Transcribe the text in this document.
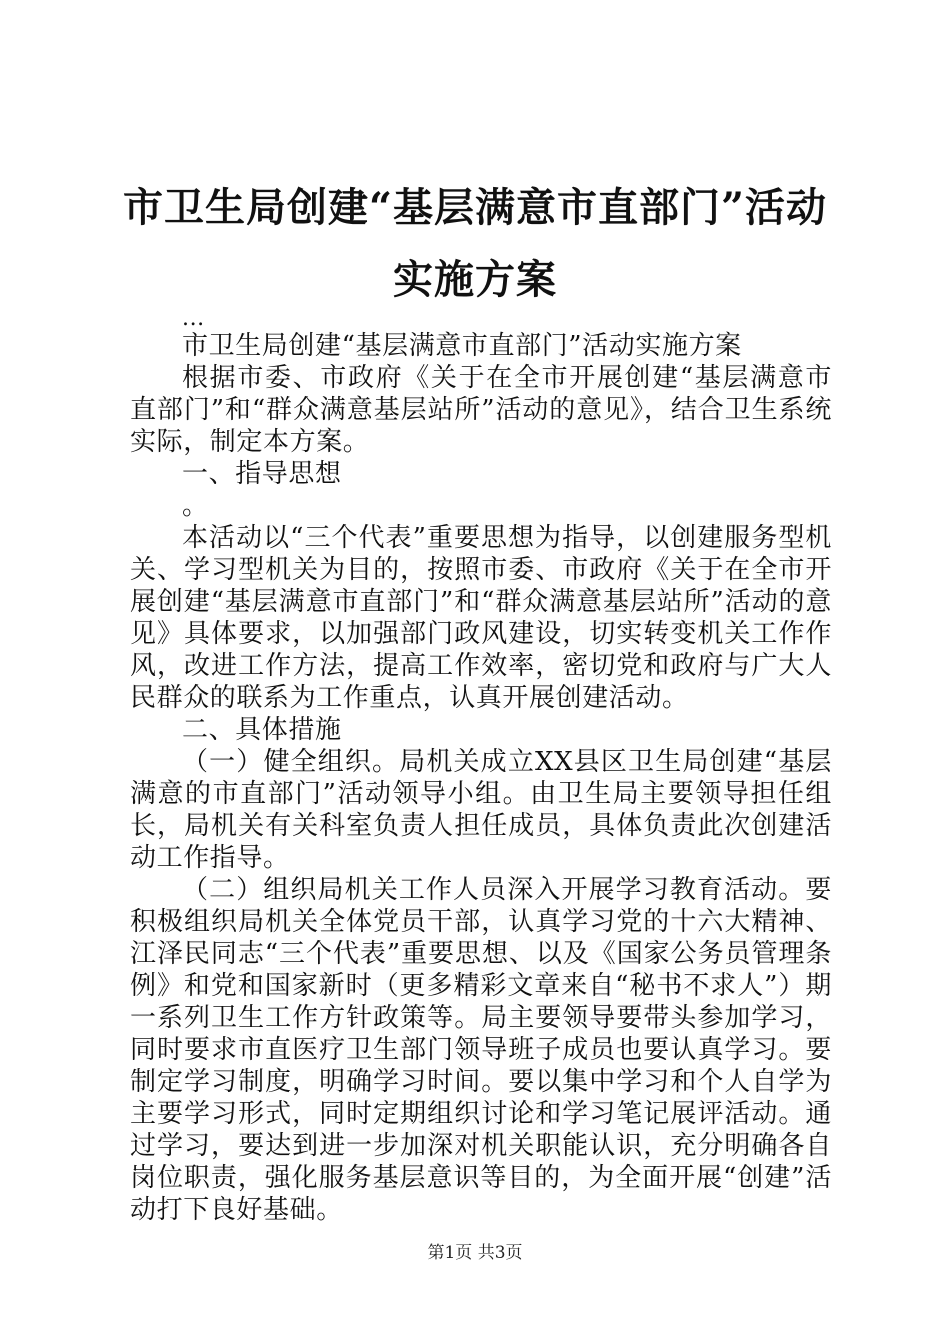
市卫生局创建“基层满意市直部门”活动实施方案

...

市卫生局创建“基层满意市直部门”活动实施方案

根据市委、市政府《关于在全市开展创建“基层满意市直部门”和“群众满意基层站所”活动的意见》，结合卫生系统实际，制定本方案。

一、指导思想

。

本活动以“三个代表”重要思想为指导，以创建服务型机关、学习型机关为目的，按照市委、市政府《关于在全市开展创建“基层满意市直部门”和“群众满意基层站所”活动的意见》具体要求，以加强部门政风建设，切实转变机关工作作风，改进工作方法，提高工作效率，密切党和政府与广大人民群众的联系为工作重点，认真开展创建活动。

二、具体措施

（一）健全组织。局机关成立XX县区卫生局创建“基层满意的市直部门”活动领导小组。由卫生局主要领导担任组长，局机关有关科室负责人担任成员，具体负责此次创建活动工作指导。

（二）组织局机关工作人员深入开展学习教育活动。要积极组织局机关全体党员干部，认真学习党的十六大精神、江泽民同志“三个代表”重要思想、以及《国家公务员管理条例》和党和国家新时（更多精彩文章来自“秘书不求人”）期一系列卫生工作方针政策等。局主要领导要带头参加学习，同时要求市直医疗卫生部门领导班子成员也要认真学习。要制定学习制度，明确学习时间。要以集中学习和个人自学为主要学习形式，同时定期组织讨论和学习笔记展评活动。通过学习，要达到进一步加深对机关职能认识，充分明确各自岗位职责，强化服务基层意识等目的，为全面开展“创建”活动打下良好基础。

第1页 共3页
